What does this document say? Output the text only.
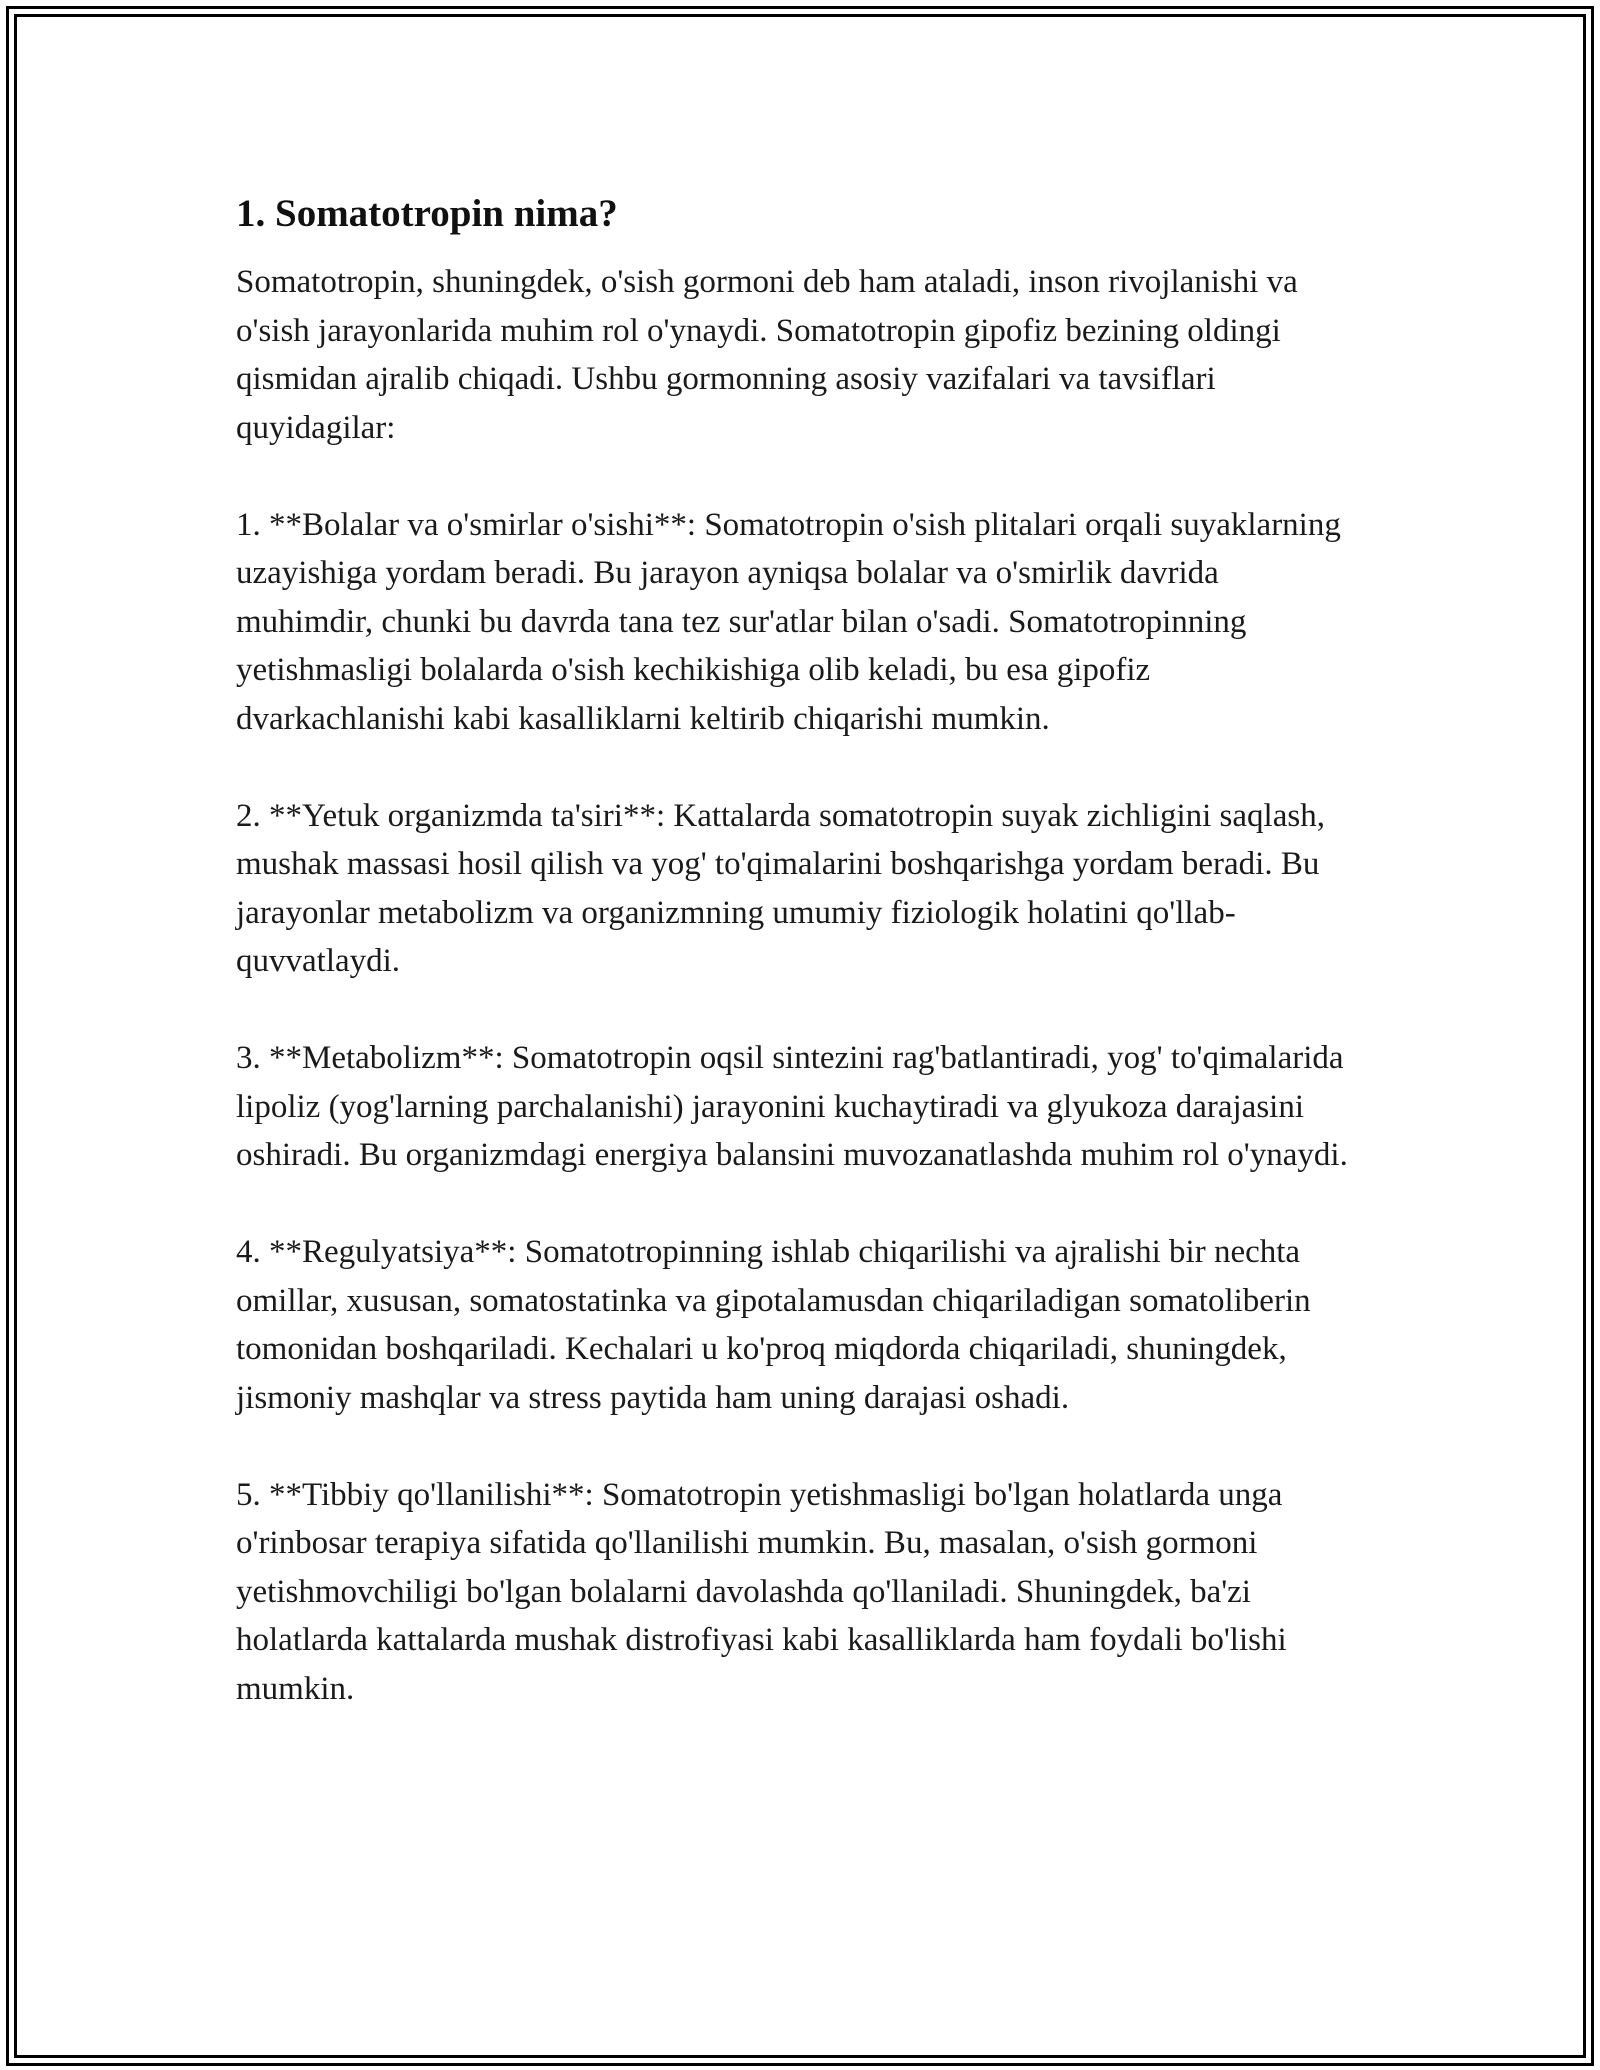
1. Somatotropin nima?

Somatotropin, shuningdek, o'sish gormoni deb ham ataladi, inson rivojlanishi va o'sish jarayonlarida muhim rol o'ynaydi. Somatotropin gipofiz bezining oldingi qismidan ajralib chiqadi. Ushbu gormonning asosiy vazifalari va tavsiflari quyidagilar:

1. **Bolalar va o'smirlar o'sishi**: Somatotropin o'sish plitalari orqali suyaklarning uzayishiga yordam beradi. Bu jarayon ayniqsa bolalar va o'smirlik davrida muhimdir, chunki bu davrda tana tez sur'atlar bilan o'sadi. Somatotropinning yetishmasligi bolalarda o'sish kechikishiga olib keladi, bu esa gipofiz dvarkachlanishi kabi kasalliklarni keltirib chiqarishi mumkin.

2. **Yetuk organizmda ta'siri**: Kattalarda somatotropin suyak zichligini saqlash, mushak massasi hosil qilish va yog' to'qimalarini boshqarishga yordam beradi. Bu jarayonlar metabolizm va organizmning umumiy fiziologik holatini qo'llab-quvvatlaydi.

3. **Metabolizm**: Somatotropin oqsil sintezini rag'batlantiradi, yog' to'qimalarida lipoliz (yog'larning parchalanishi) jarayonini kuchaytiradi va glyukoza darajasini oshiradi. Bu organizmdagi energiya balansini muvozanatlashda muhim rol o'ynaydi.

4. **Regulyatsiya**: Somatotropinning ishlab chiqarilishi va ajralishi bir nechta omillar, xususan, somatostatinka va gipotalamusdan chiqariladigan somatoliberin tomonidan boshqariladi. Kechalari u ko'proq miqdorda chiqariladi, shuningdek, jismoniy mashqlar va stress paytida ham uning darajasi oshadi.

5. **Tibbiy qo'llanilishi**: Somatotropin yetishmasligi bo'lgan holatlarda unga o'rinbosar terapiya sifatida qo'llanilishi mumkin. Bu, masalan, o'sish gormoni yetishmovchiligi bo'lgan bolalarni davolashda qo'llaniladi. Shuningdek, ba'zi holatlarda kattalarda mushak distrofiyasi kabi kasalliklarda ham foydali bo'lishi mumkin.
